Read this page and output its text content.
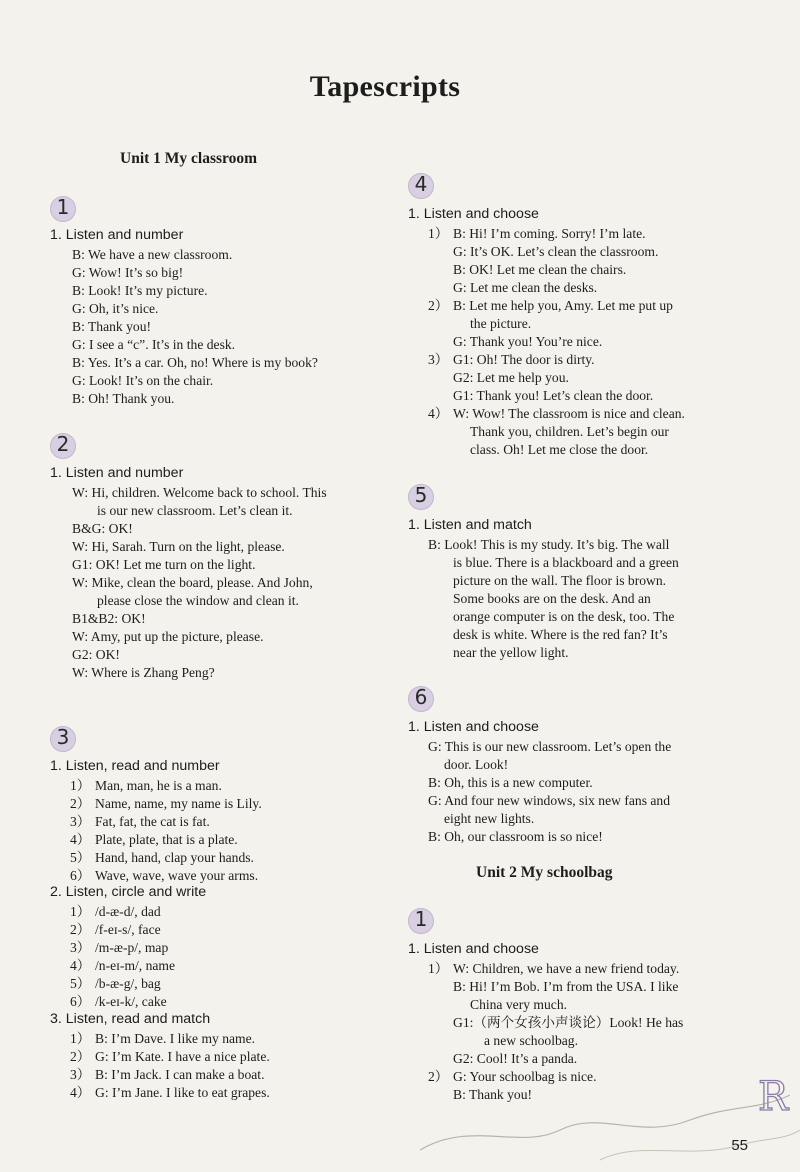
R
Tapescripts
Unit 1 My classroom
1
1. Listen and number
B: We have a new classroom.
G: Wow! It’s so big!
B: Look! It’s my picture.
G: Oh, it’s nice.
B: Thank you!
G: I see a “c”. It’s in the desk.
B: Yes. It’s a car. Oh, no! Where is my book?
G: Look! It’s on the chair.
B: Oh! Thank you.
2
1. Listen and number
W: Hi, children. Welcome back to school. This
is our new classroom. Let’s clean it.
B&G: OK!
W: Hi, Sarah. Turn on the light, please.
G1: OK! Let me turn on the light.
W: Mike, clean the board, please. And John,
please close the window and clean it.
B1&B2: OK!
W: Amy, put up the picture, please.
G2: OK!
W: Where is Zhang Peng?
3
1. Listen, read and number
1） Man, man, he is a man.
2） Name, name, my name is Lily.
3） Fat, fat, the cat is fat.
4） Plate, plate, that is a plate.
5） Hand, hand, clap your hands.
6） Wave, wave, wave your arms.
2. Listen, circle and write
1） /d-æ-d/, dad
2） /f-eɪ-s/, face
3） /m-æ-p/, map
4） /n-eɪ-m/, name
5） /b-æ-g/, bag
6） /k-eɪ-k/, cake
3. Listen, read and match
1） B: I’m Dave. I like my name.
2） G: I’m Kate. I have a nice plate.
3） B: I’m Jack. I can make a boat.
4） G: I’m Jane. I like to eat grapes.
4
1. Listen and choose
1） B: Hi! I’m coming. Sorry! I’m late.
G: It’s OK. Let’s clean the classroom.
B: OK! Let me clean the chairs.
G: Let me clean the desks.
2） B: Let me help you, Amy. Let me put up
the picture.
G: Thank you! You’re nice.
3） G1: Oh! The door is dirty.
G2: Let me help you.
G1: Thank you! Let’s clean the door.
4） W: Wow! The classroom is nice and clean.
Thank you, children. Let’s begin our
class. Oh! Let me close the door.
5
1. Listen and match
B: Look! This is my study. It’s big. The wall
is blue. There is a blackboard and a green
picture on the wall. The floor is brown.
Some books are on the desk. And an
orange computer is on the desk, too. The
desk is white. Where is the red fan? It’s
near the yellow light.
6
1. Listen and choose
G: This is our new classroom. Let’s open the
door. Look!
B: Oh, this is a new computer.
G: And four new windows, six new fans and
eight new lights.
B: Oh, our classroom is so nice!
Unit 2 My schoolbag
1
1. Listen and choose
1） W: Children, we have a new friend today.
B: Hi! I’m Bob. I’m from the USA. I like
China very much.
G1:（两个女孩小声谈论）Look! He has
a new schoolbag.
G2: Cool! It’s a panda.
2） G: Your schoolbag is nice.
B: Thank you!
55
